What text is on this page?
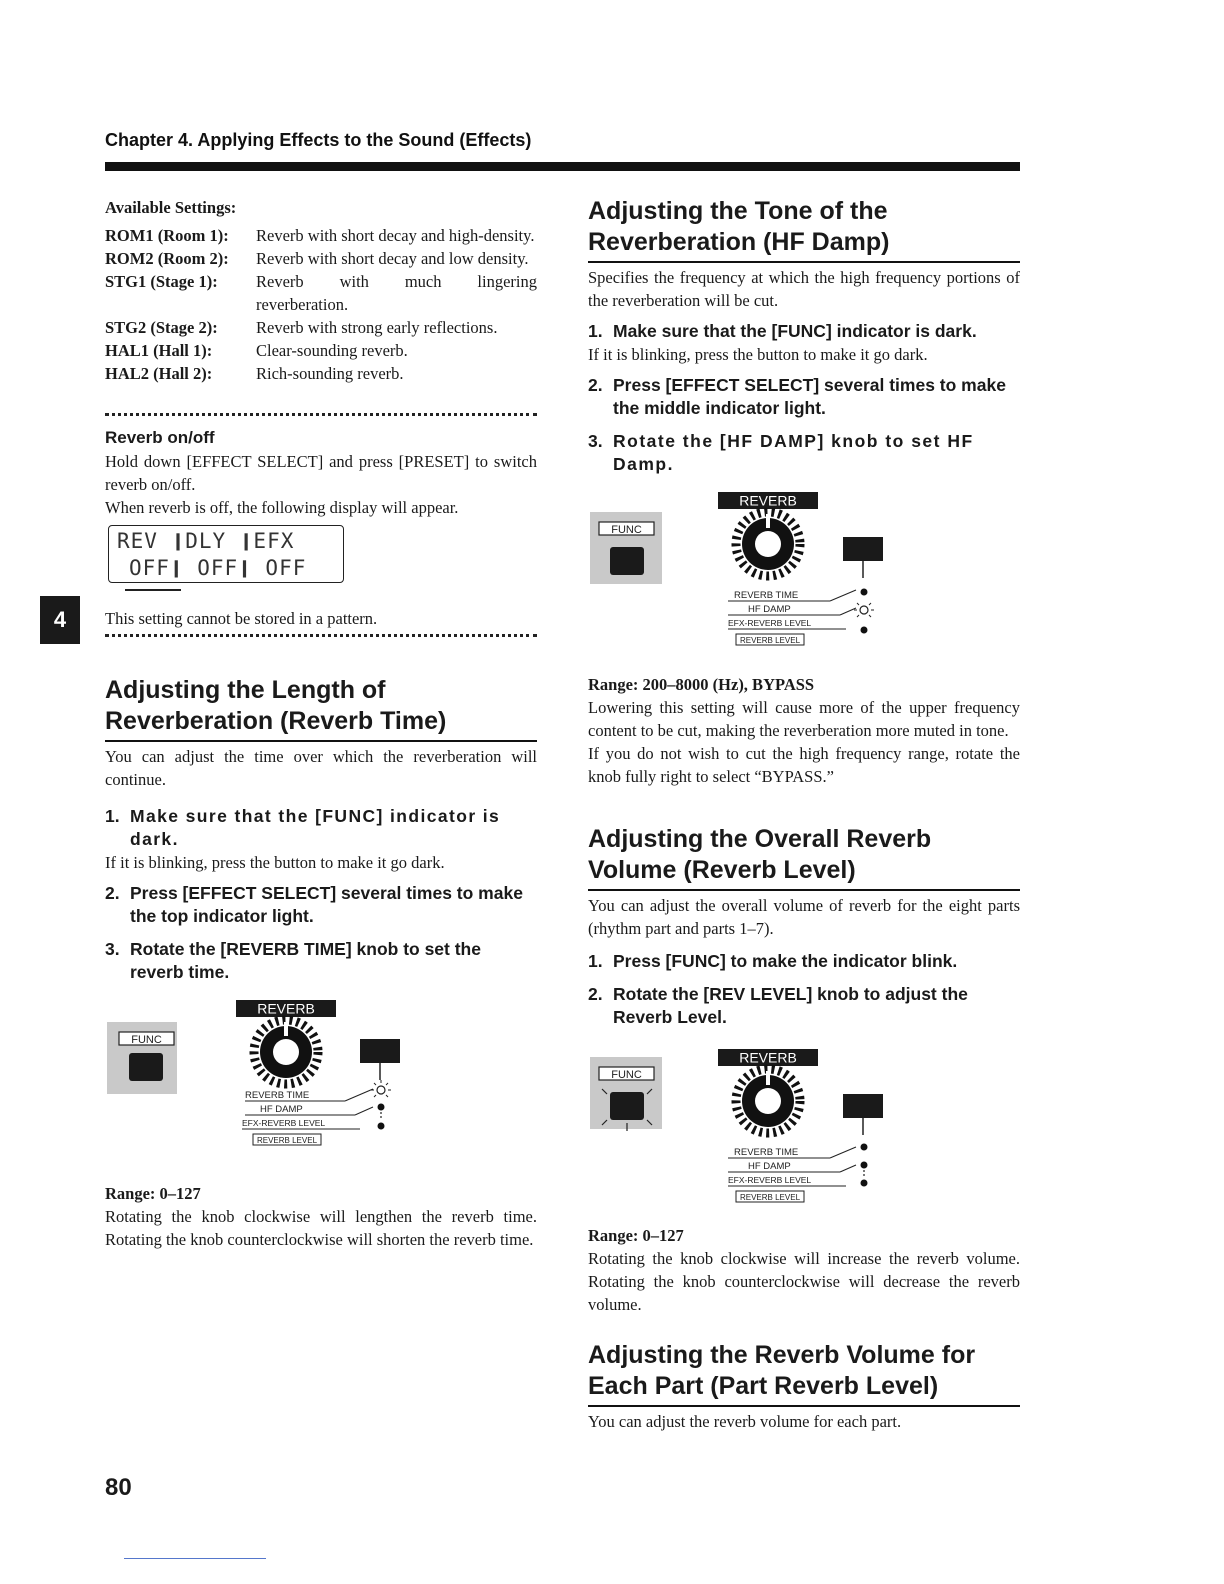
Chapter 4. Applying Effects to the Sound (Effects)
4
Available Settings:
ROM1 (Room 1):	Reverb with short decay and high-density.
ROM2 (Room 2):	Reverb with short decay and low density.
STG1 (Stage 1):	Reverb with much lingering reverberation.
STG2 (Stage 2):	Reverb with strong early reflections.
HAL1 (Hall 1):	Clear-sounding reverb.
HAL2 (Hall 2):	Rich-sounding reverb.
Reverb on/off

Hold down [EFFECT SELECT] and press [PRESET] to switch reverb on/off.

When reverb is off, the following display will appear.

REV ❙DLY ❙EFX
OFF❙ OFF❙ OFF

This setting cannot be stored in a pattern.

Adjusting the Length of
Reverberation (Reverb Time)

You can adjust the time over which the reverberation will continue.

1. Make sure that the [FUNC] indicator is dark.

If it is blinking, press the button to make it go dark.

2. Press [EFFECT SELECT] several times to make the top indicator light.
3. Rotate the [REVERB TIME] knob to set the reverb time.
FUNC
REVERB
REVERB TIME
HF DAMP
EFX-REVERB LEVEL
REVERB LEVEL

Range: 0–127

Rotating the knob clockwise will lengthen the reverb time. Rotating the knob counterclockwise will shorten the reverb time.

Adjusting the Tone of the
Reverberation (HF Damp)

Specifies the frequency at which the high frequency portions of the reverberation will be cut.

1. Make sure that the [FUNC] indicator is dark.

If it is blinking, press the button to make it go dark.

2. Press [EFFECT SELECT] several times to make the middle indicator light.
3. Rotate the [HF DAMP] knob to set HF Damp.
FUNC
REVERB
REVERB TIME
HF DAMP
EFX-REVERB LEVEL
REVERB LEVEL

Range: 200–8000 (Hz), BYPASS

Lowering this setting will cause more of the upper frequency content to be cut, making the reverberation more muted in tone.

If you do not wish to cut the high frequency range, rotate the knob fully right to select “BYPASS.”

Adjusting the Overall Reverb
Volume (Reverb Level)

You can adjust the overall volume of reverb for the eight parts (rhythm part and parts 1–7).

1. Press [FUNC] to make the indicator blink.
2. Rotate the [REV LEVEL] knob to adjust the Reverb Level.
FUNC
REVERB
REVERB TIME
HF DAMP
EFX-REVERB LEVEL
REVERB LEVEL

Range: 0–127

Rotating the knob clockwise will increase the reverb volume. Rotating the knob counterclockwise will decrease the reverb volume.

Adjusting the Reverb Volume for
Each Part (Part Reverb Level)

You can adjust the reverb volume for each part.

80
